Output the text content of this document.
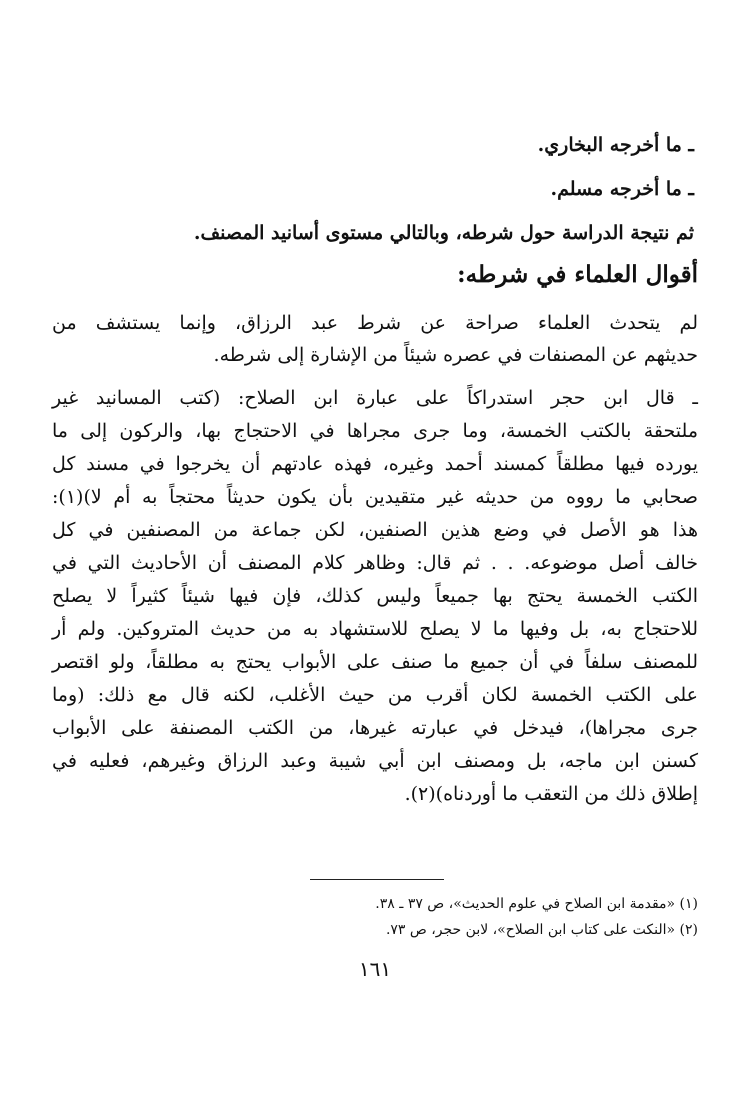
ـ ما أخرجه البخاري.
ـ ما أخرجه مسلم.
ثم نتيجة الدراسة حول شرطه، وبالتالي مستوى أسانيد المصنف.
أقوال العلماء في شرطه:
لم يتحدث العلماء صراحة عن شرط عبد الرزاق، وإنما يستشف من
حديثهم عن المصنفات في عصره شيئاً من الإشارة إلى شرطه.
ـ قال ابن حجر استدراكاً على عبارة ابن الصلاح: (كتب المسانيد غير
ملتحقة بالكتب الخمسة، وما جرى مجراها في الاحتجاج بها، والركون إلى ما
يورده فيها مطلقاً كمسند أحمد وغيره، فهذه عادتهم أن يخرجوا في مسند كل
صحابي ما رووه من حديثه غير متقيدين بأن يكون حديثاً محتجاً به أم لا)(١):
هذا هو الأصل في وضع هذين الصنفين، لكن جماعة من المصنفين في كل
خالف أصل موضوعه. . . ثم قال: وظاهر كلام المصنف أن الأحاديث التي في
الكتب الخمسة يحتج بها جميعاً وليس كذلك، فإن فيها شيئاً كثيراً لا يصلح
للاحتجاج به، بل وفيها ما لا يصلح للاستشهاد به من حديث المتروكين. ولم أر
للمصنف سلفاً في أن جميع ما صنف على الأبواب يحتج به مطلقاً، ولو اقتصر
على الكتب الخمسة لكان أقرب من حيث الأغلب، لكنه قال مع ذلك: (وما
جرى مجراها)، فيدخل في عبارته غيرها، من الكتب المصنفة على الأبواب
كسنن ابن ماجه، بل ومصنف ابن أبي شيبة وعبد الرزاق وغيرهم، فعليه في
إطلاق ذلك من التعقب ما أوردناه)(٢).
(١) «مقدمة ابن الصلاح في علوم الحديث»، ص ٣٧ ـ ٣٨.
(٢) «النكت على كتاب ابن الصلاح»، لابن حجر، ص ٧٣.
١٦١
